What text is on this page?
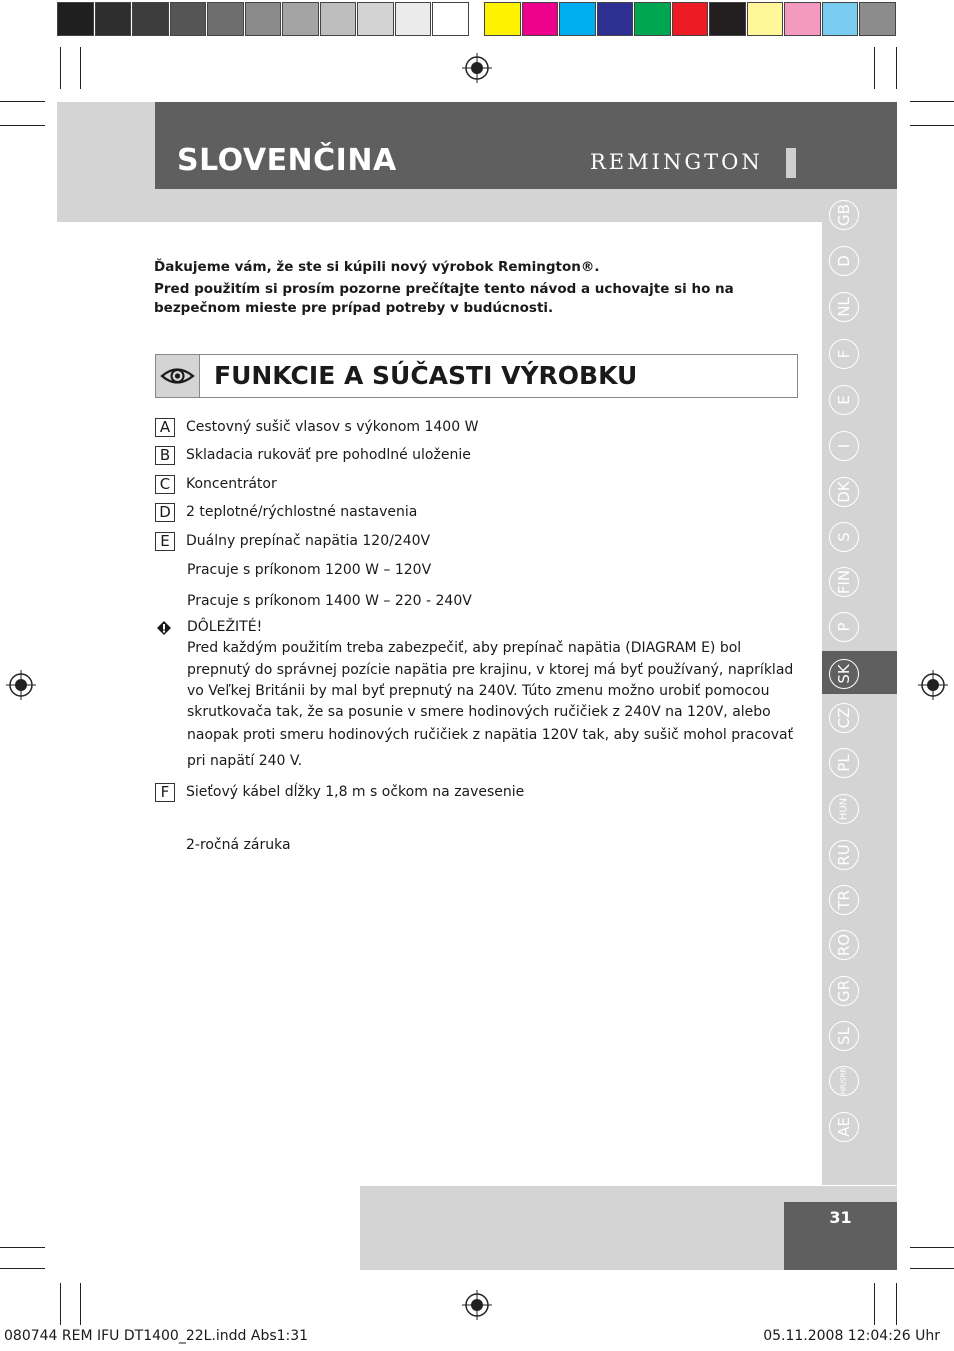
SLOVENČINA	REMINGTON
GB
D
NL
F
E
I
DK
S
FIN
P
SK
CZ
PL
HUN
RU
TR
RO
GR
SL
HR/SRB
AE
Ďakujeme vám, že ste si kúpili nový výrobok Remington®.
Pred použitím si prosím pozorne prečítajte tento návod a uchovajte si ho na
bezpečnom mieste pre prípad potreby v budúcnosti.
FUNKCIE A SÚČASTI VÝROBKU
A	Cestovný sušič vlasov s výkonom 1400 W
B	Skladacia rukoväť pre pohodlné uloženie
C	Koncentrátor
D	2 teplotné/rýchlostné nastavenia
E	Duálny prepínač napätia 120/240V
Pracuje s príkonom 1200 W – 120V
Pracuje s príkonom 1400 W – 220 - 240V
DÔLEŽITÉ!
Pred každým použitím treba zabezpečiť, aby prepínač napätia (DIAGRAM E) bol
prepnutý do správnej pozície napätia pre krajinu, v ktorej má byť používaný, napríklad
vo Veľkej Británii by mal byť prepnutý na 240V. Túto zmenu možno urobiť pomocou
skrutkovača tak, že sa posunie v smere hodinových ručičiek z 240V na 120V, alebo
naopak proti smeru hodinových ručičiek z napätia 120V tak, aby sušič mohol pracovať
pri napätí 240 V.
F	Sieťový kábel dĺžky 1,8 m s očkom na zavesenie
2-ročná záruka
31
080744 REM IFU DT1400_22L.indd Abs1:31	05.11.2008 12:04:26 Uhr
